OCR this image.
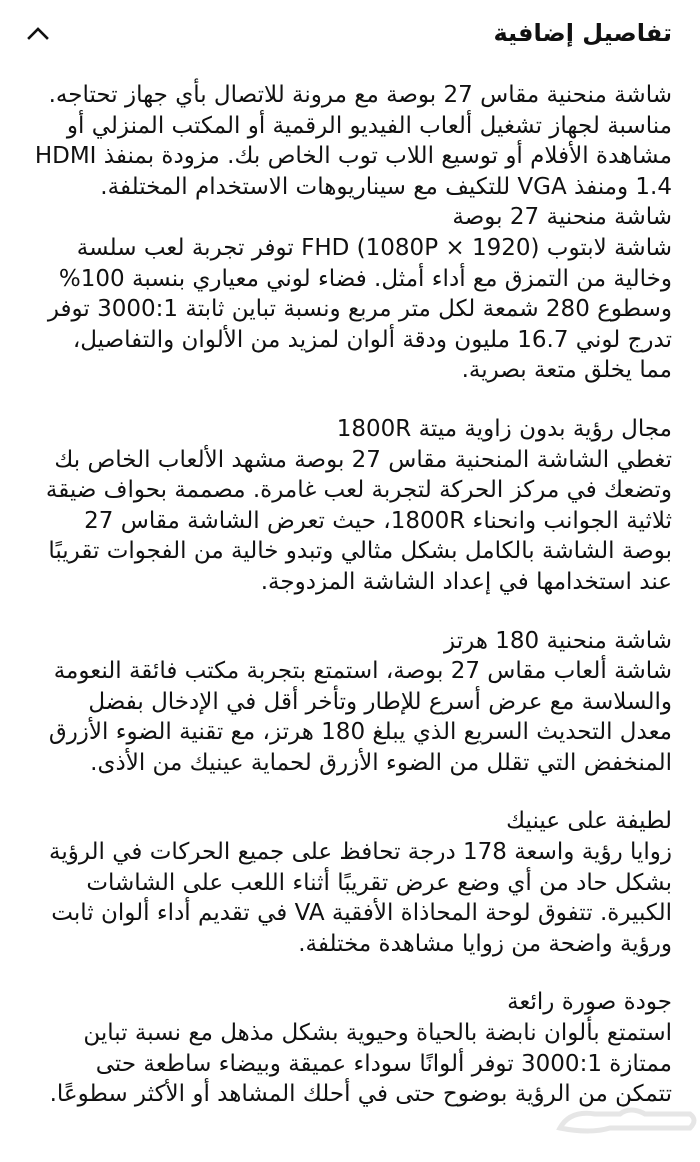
تفاصيل إضافية

شاشة منحنية مقاس 27 بوصة مع مرونة للاتصال بأي جهاز تحتاجه. مناسبة لجهاز تشغيل ألعاب الفيديو الرقمية أو المكتب المنزلي أو مشاهدة الأفلام أو توسيع اللاب توب الخاص بك. مزودة بمنفذ HDMI 1.4 ومنفذ VGA للتكيف مع سيناريوهات الاستخدام المختلفة.

شاشة منحنية 27 بوصة

شاشة لابتوب (1920 × 1080P) FHD توفر تجربة لعب سلسة وخالية من التمزق مع أداء أمثل. فضاء لوني معياري بنسبة 100% وسطوع 280 شمعة لكل متر مربع ونسبة تباين ثابتة 3000:1 توفر تدرج لوني 16.7 مليون ودقة ألوان لمزيد من الألوان والتفاصيل، مما يخلق متعة بصرية.

مجال رؤية بدون زاوية ميتة 1800R

تغطي الشاشة المنحنية مقاس 27 بوصة مشهد الألعاب الخاص بك وتضعك في مركز الحركة لتجربة لعب غامرة. مصممة بحواف ضيقة ثلاثية الجوانب وانحناء 1800R، حيث تعرض الشاشة مقاس 27 بوصة الشاشة بالكامل بشكل مثالي وتبدو خالية من الفجوات تقريبًا عند استخدامها في إعداد الشاشة المزدوجة.

شاشة منحنية 180 هرتز

شاشة ألعاب مقاس 27 بوصة، استمتع بتجربة مكتب فائقة النعومة والسلاسة مع عرض أسرع للإطار وتأخر أقل في الإدخال بفضل معدل التحديث السريع الذي يبلغ 180 هرتز، مع تقنية الضوء الأزرق المنخفض التي تقلل من الضوء الأزرق لحماية عينيك من الأذى.

لطيفة على عينيك

زوايا رؤية واسعة 178 درجة تحافظ على جميع الحركات في الرؤية بشكل حاد من أي وضع عرض تقريبًا أثناء اللعب على الشاشات الكبيرة. تتفوق لوحة المحاذاة الأفقية VA في تقديم أداء ألوان ثابت ورؤية واضحة من زوايا مشاهدة مختلفة.

جودة صورة رائعة

استمتع بألوان نابضة بالحياة وحيوية بشكل مذهل مع نسبة تباين ممتازة 3000:1 توفر ألوانًا سوداء عميقة وبيضاء ساطعة حتى تتمكن من الرؤية بوضوح حتى في أحلك المشاهد أو الأكثر سطوعًا.
